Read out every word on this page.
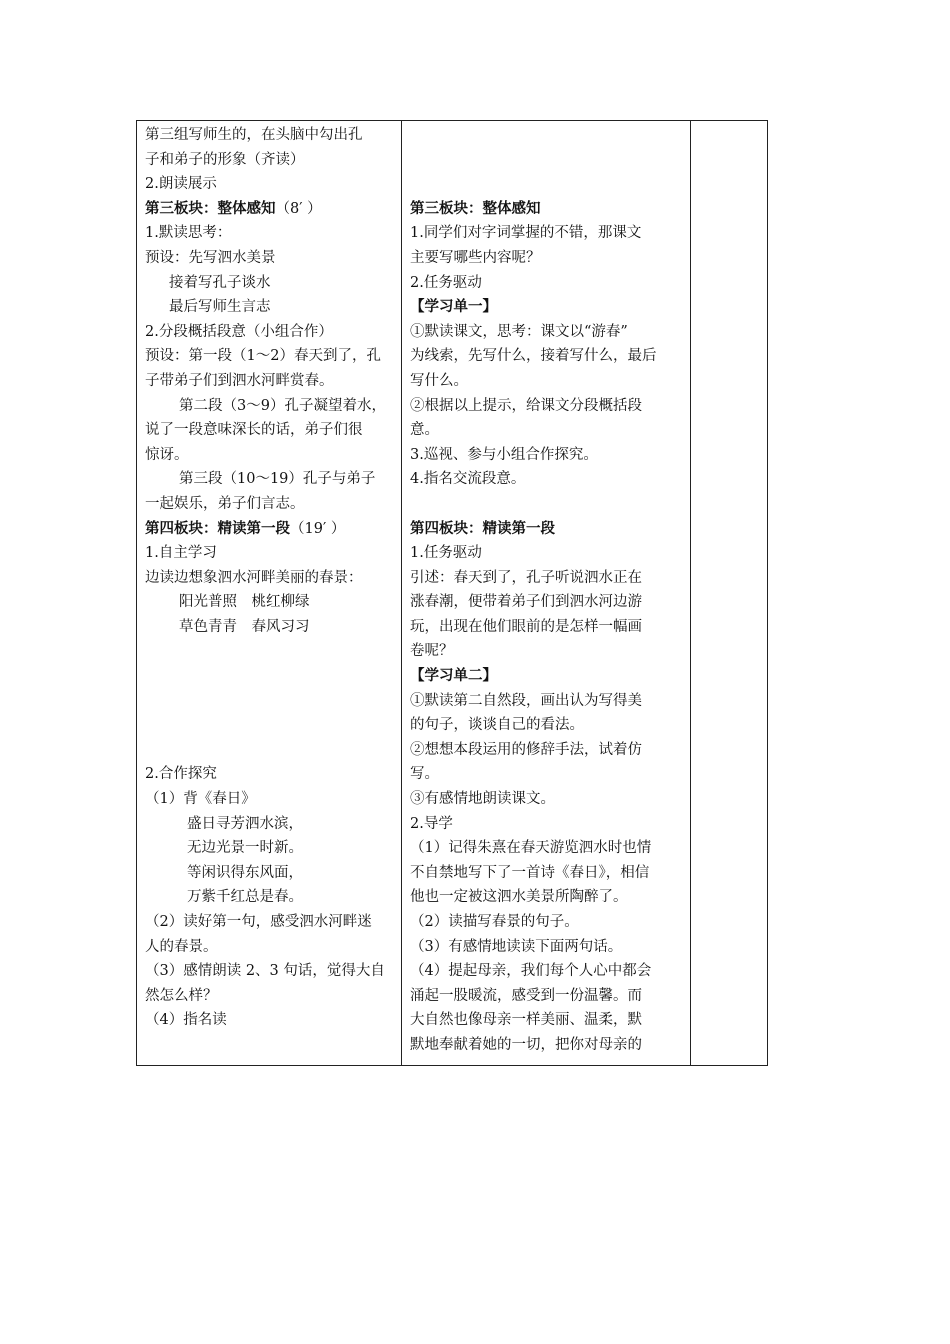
第三组写师生的，在头脑中勾出孔
子和弟子的形象（齐读）
2.朗读展示
第三板块：整体感知（8′ ）
1.默读思考：
预设：先写泗水美景
接着写孔子谈水
最后写师生言志
2.分段概括段意（小组合作）
预设：第一段（1～2）春天到了，孔
子带弟子们到泗水河畔赏春。
第二段（3～9）孔子凝望着水，
说了一段意味深长的话，弟子们很
惊讶。
第三段（10～19）孔子与弟子
一起娱乐，弟子们言志。
第四板块：精读第一段（19′ ）
1.自主学习
边读边想象泗水河畔美丽的春景：
阳光普照　桃红柳绿
草色青青　春风习习
2.合作探究
（1）背《春日》
盛日寻芳泗水滨，
无边光景一时新。
等闲识得东风面，
万紫千红总是春。
（2）读好第一句，感受泗水河畔迷
人的春景。
（3）感情朗读 2、3 句话，觉得大自
然怎么样？
（4）指名读
第三板块：整体感知
1.同学们对字词掌握的不错，那课文
主要写哪些内容呢？
2.任务驱动
【学习单一】
①默读课文，思考：课文以“游春”
为线索，先写什么，接着写什么，最后
写什么。
②根据以上提示，给课文分段概括段
意。
3.巡视、参与小组合作探究。
4.指名交流段意。
第四板块：精读第一段
1.任务驱动
引述：春天到了，孔子听说泗水正在
涨春潮，便带着弟子们到泗水河边游
玩，出现在他们眼前的是怎样一幅画
卷呢？
【学习单二】
①默读第二自然段，画出认为写得美
的句子，谈谈自己的看法。
②想想本段运用的修辞手法，试着仿
写。
③有感情地朗读课文。
2.导学
（1）记得朱熹在春天游览泗水时也情
不自禁地写下了一首诗《春日》，相信
他也一定被这泗水美景所陶醉了。
（2）读描写春景的句子。
（3）有感情地读读下面两句话。
（4）提起母亲，我们每个人心中都会
涌起一股暖流，感受到一份温馨。而
大自然也像母亲一样美丽、温柔，默
默地奉献着她的一切，把你对母亲的
